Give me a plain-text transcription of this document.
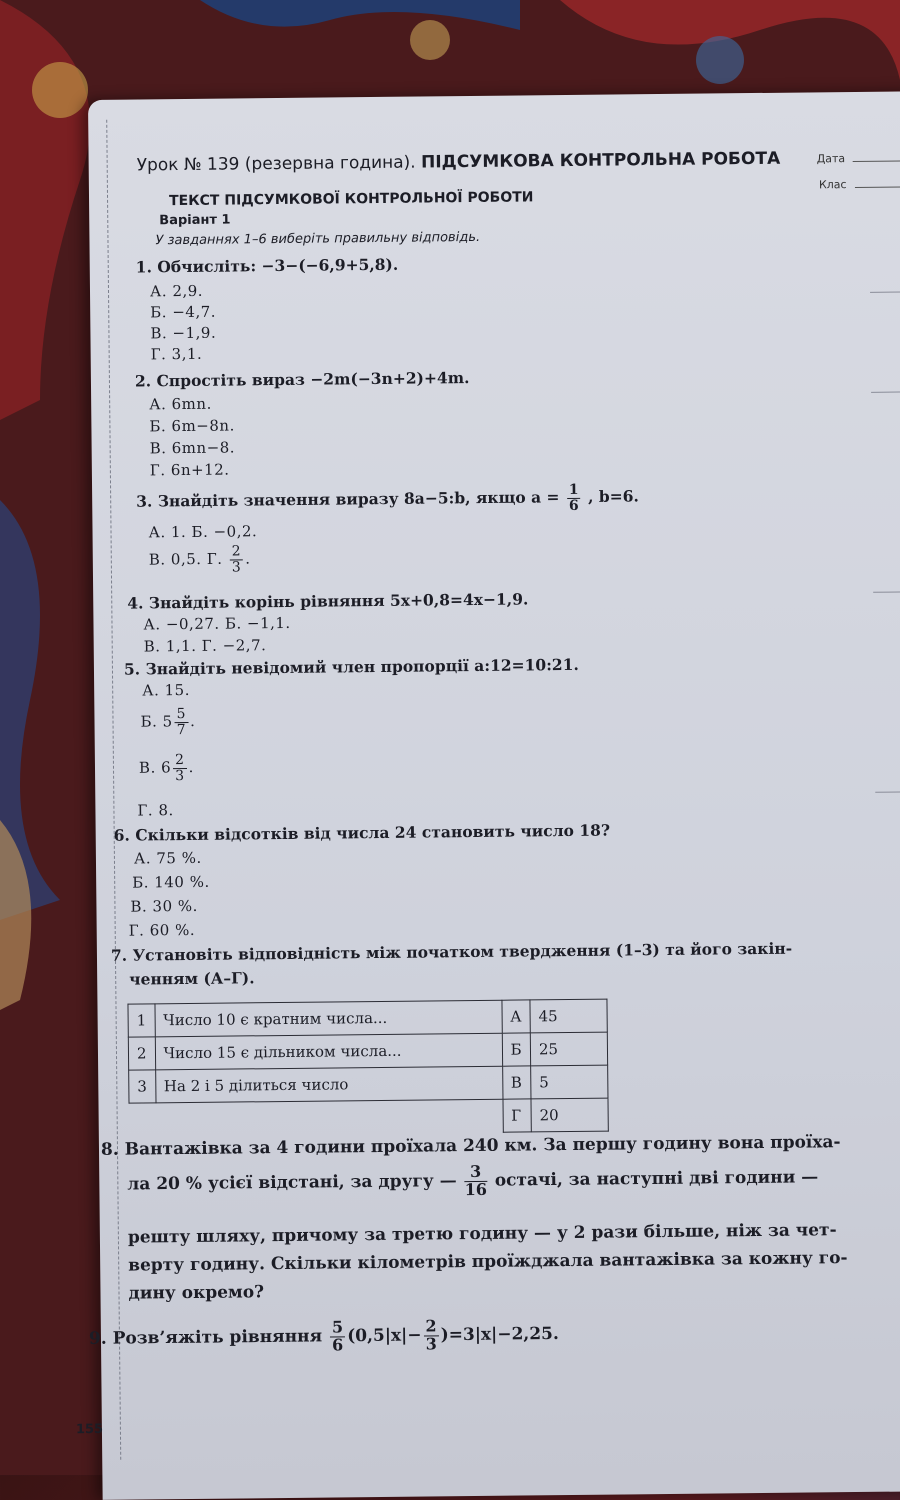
Урок № 139 (резервна година). ПІДСУМКОВА КОНТРОЛЬНА РОБОТА	Дата
Клас
ТЕКСТ ПІДСУМКОВОЇ КОНТРОЛЬНОЇ РОБОТИ
Варіант 1
У завданнях 1–6 виберіть правильну відповідь.
1. Обчисліть: −3−(−6,9+5,8).
А. 2,9.
Б. −4,7.
В. −1,9.
Г. 3,1.
2. Спростіть вираз −2m(−3n+2)+4m.
А. 6mn.
Б. 6m−8n.
В. 6mn−8.
Г. 6n+12.
3. Знайдіть значення виразу 8a−5:b, якщо $a = \frac{1}{6}$ , b=6.
А. 1. Б. −0,2.
В. 0,5. Г. $\frac{2}{3}$ .
4. Знайдіть корінь рівняння 5x+0,8=4x−1,9.
А. −0,27. Б. −1,1.
В. 1,1. Г. −2,7.
5. Знайдіть невідомий член пропорції a:12=10:21.
А. 15.
Б. $5 \frac{5}{7}$ .
В. $6 \frac{2}{3}$ .
Г. 8.
6. Скільки відсотків від числа 24 становить число 18?
А. 75 %.
Б. 140 %.
В. 30 %.
Г. 60 %.
7. Установіть відповідність між початком твердження (1–3) та його закін-
ченням (А–Г).
1	Число 10 є кратним числа...	А	45
2	Число 15 є дільником числа...	Б	25
3	На 2 і 5 ділиться число	В	5
		Г	20
8. Вантажівка за 4 години проїхала 240 км. За першу годину вона проїха-
ла 20 % усієї відстані, за другу — $\frac{3}{16}$ остачі, за наступні дві години —
решту шляху, причому за третю годину — у 2 рази більше, ніж за чет-
верту годину. Скільки кілометрів проїжджала вантажівка за кожну го-
дину окремо?
9. Розв’яжіть рівняння $\frac{5}{6} (0,5|x|- \frac{2}{3} )=3|x|-2,25$.
155
